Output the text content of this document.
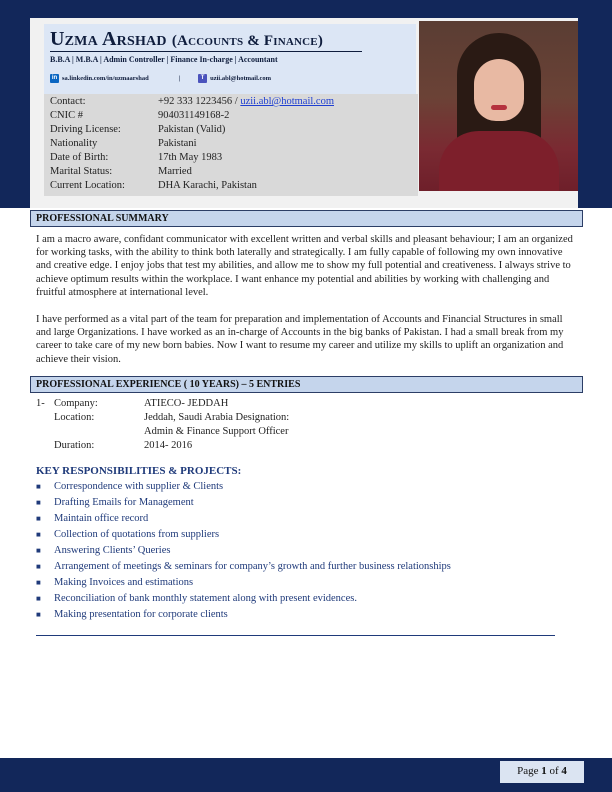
Uzma Arshad (Accounts & Finance)
B.B.A | M.B.A | Admin Controller | Finance In-charge | Accountant
in sa.linkedin.com/in/uzmaarshad	|	T uzii.abl@hotmail.com
Contact:	+92 333 1223456 / uzii.abl@hotmail.com
CNIC #	904031149168-2
Driving License:	Pakistan (Valid)
Nationality	Pakistani
Date of Birth:	17th May 1983
Marital Status:	Married
Current Location:	DHA Karachi, Pakistan
PROFESSIONAL SUMMARY

I am a macro aware, confidant communicator with excellent written and verbal skills and pleasant behaviour; I am an organized for working tasks, with the ability to think both laterally and strategically. I am fully capable of following my own innovative and creative edge. I enjoy jobs that test my abilities, and allow me to show my full potential and creativeness. I always strive to achieve optimum results within the workplace. I want enhance my potential and abilities by working with challenging and fruitful atmosphere at international level.

I have performed as a vital part of the team for preparation and implementation of Accounts and Financial Structures in small and large Organizations. I have worked as an in-charge of Accounts in the big banks of Pakistan. I had a small break from my career to take care of my new born babies. Now I want to resume my career and utilize my skills to uplift an organization and achieve their vision.

PROFESSIONAL EXPERIENCE ( 10 YEARS) – 5 ENTRIES
1- Company:	ATIECO- JEDDAH
Location:	Jeddah, Saudi Arabia Designation:
Admin & Finance Support Officer
Duration:	2014- 2016
KEY RESPONSIBILITIES & PROJECTS:
■ Correspondence with supplier & Clients
■ Drafting Emails for Management
■ Maintain office record
■ Collection of quotations from suppliers
■ Answering Clients’ Queries
■ Arrangement of meetings & seminars for company’s growth and further business relationships
■ Making Invoices and estimations
■ Reconciliation of bank monthly statement along with present evidences.
■ Making presentation for corporate clients
Page 1 of 4
